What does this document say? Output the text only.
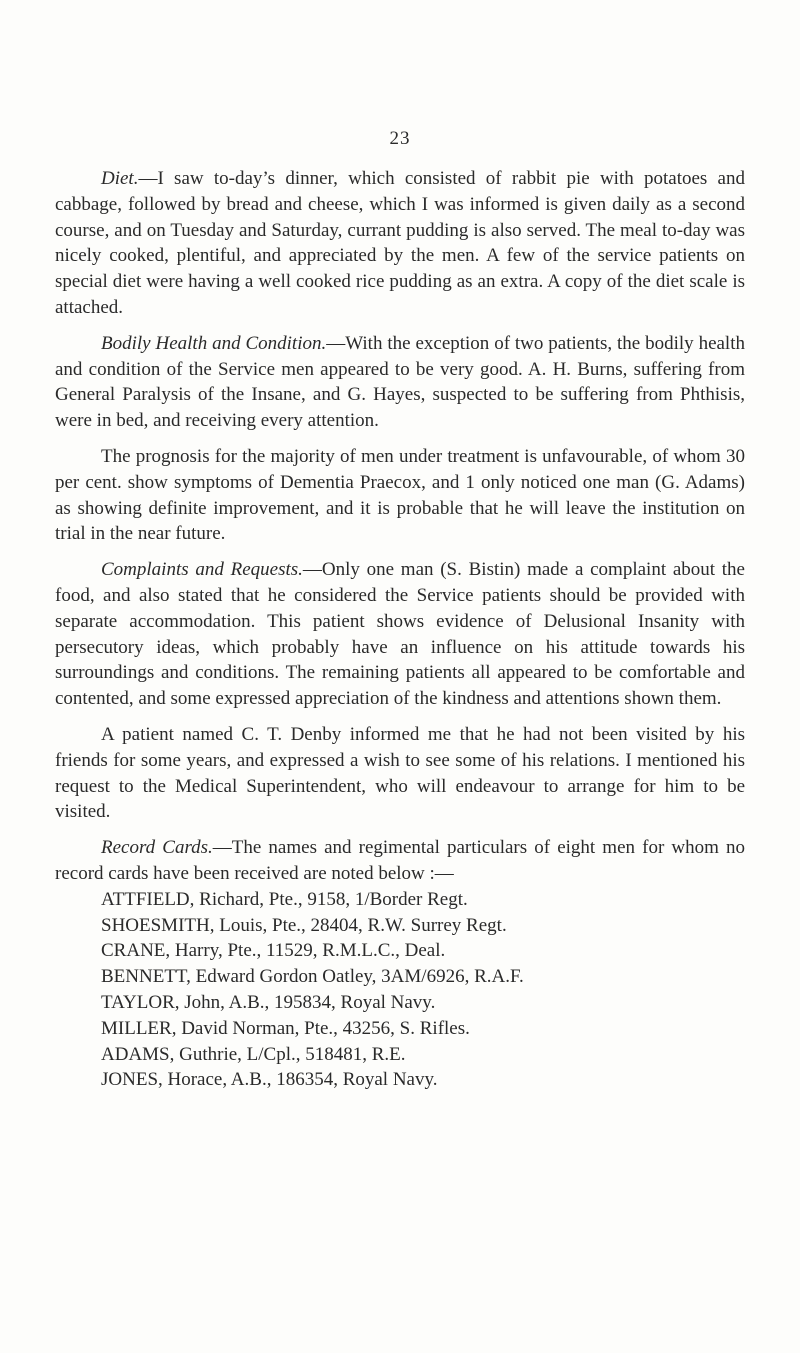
23

Diet.—I saw to-day’s dinner, which consisted of rabbit pie with potatoes and cabbage, followed by bread and cheese, which I was informed is given daily as a second course, and on Tuesday and Saturday, currant pudding is also served. The meal to-day was nicely cooked, plentiful, and appreciated by the men. A few of the service patients on special diet were having a well cooked rice pudding as an extra. A copy of the diet scale is attached.

Bodily Health and Condition.—With the exception of two patients, the bodily health and condition of the Service men appeared to be very good. A. H. Burns, suffering from General Paralysis of the Insane, and G. Hayes, suspected to be suffering from Phthisis, were in bed, and receiving every attention.

The prognosis for the majority of men under treatment is unfavourable, of whom 30 per cent. show symptoms of Dementia Praecox, and 1 only noticed one man (G. Adams) as showing definite improvement, and it is probable that he will leave the institution on trial in the near future.

Complaints and Requests.—Only one man (S. Bistin) made a complaint about the food, and also stated that he considered the Service patients should be provided with separate accommodation. This patient shows evidence of Delusional Insanity with persecutory ideas, which probably have an influence on his attitude towards his surroundings and conditions. The remaining patients all appeared to be comfortable and contented, and some expressed appreciation of the kindness and attentions shown them.

A patient named C. T. Denby informed me that he had not been visited by his friends for some years, and expressed a wish to see some of his relations. I mentioned his request to the Medical Superintendent, who will endeavour to arrange for him to be visited.

Record Cards.—The names and regimental particulars of eight men for whom no record cards have been received are noted below :—

ATTFIELD, Richard, Pte., 9158, 1/Border Regt.
SHOESMITH, Louis, Pte., 28404, R.W. Surrey Regt.
CRANE, Harry, Pte., 11529, R.M.L.C., Deal.
BENNETT, Edward Gordon Oatley, 3AM/6926, R.A.F.
TAYLOR, John, A.B., 195834, Royal Navy.
MILLER, David Norman, Pte., 43256, S. Rifles.
ADAMS, Guthrie, L/Cpl., 518481, R.E.
JONES, Horace, A.B., 186354, Royal Navy.
